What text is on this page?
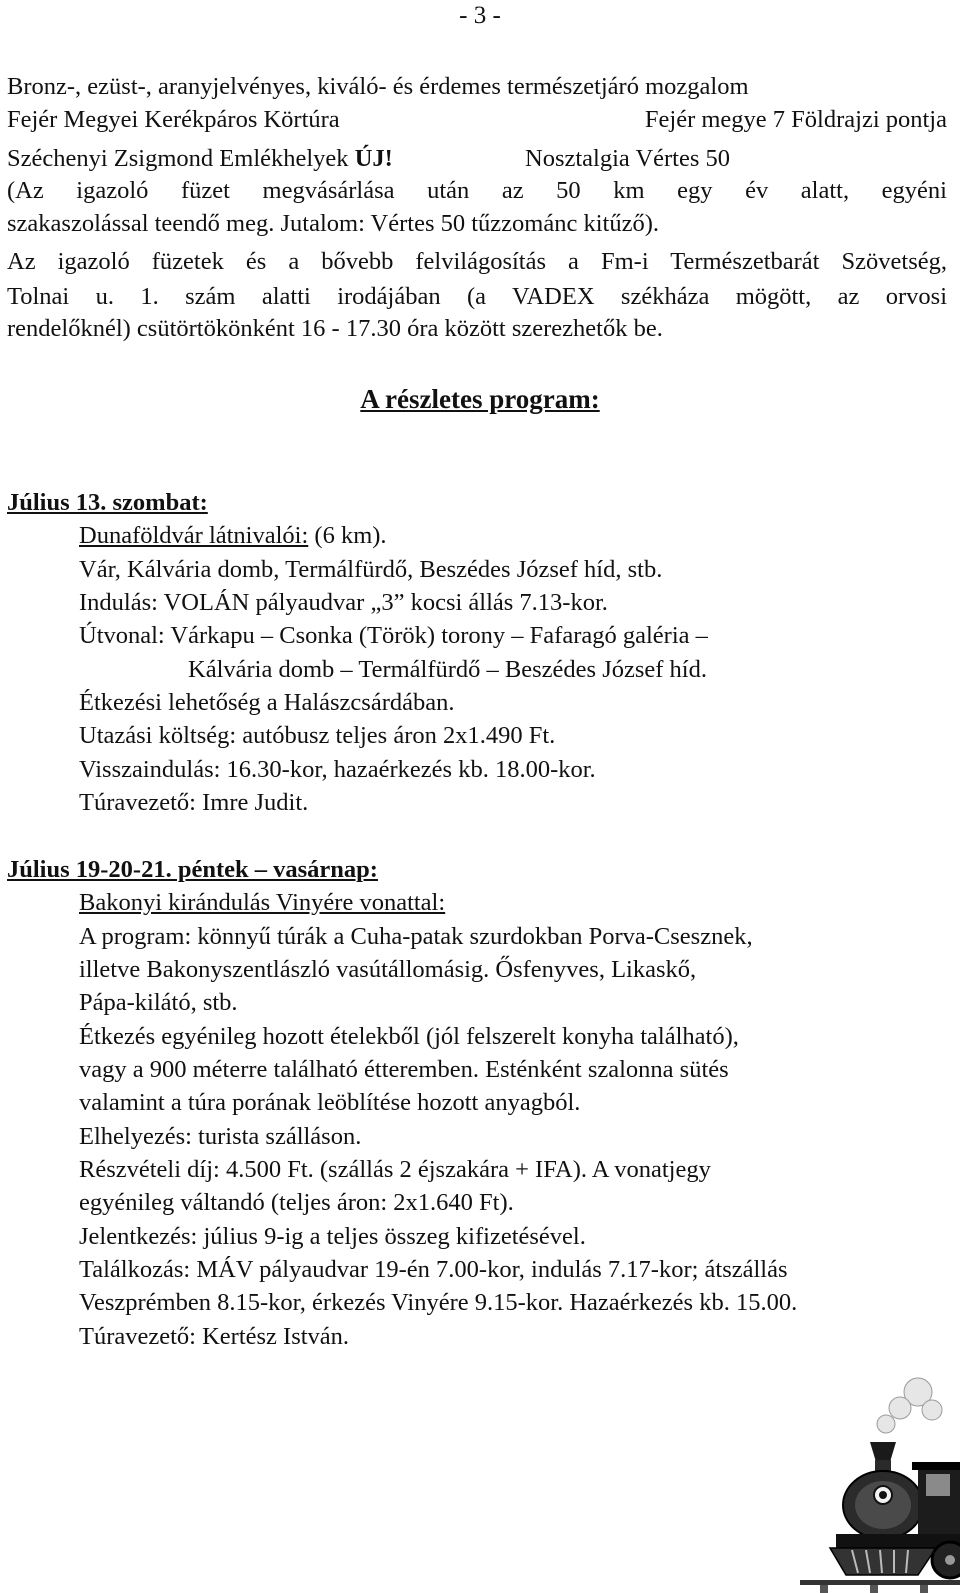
- 3 -
Bronz-, ezüst-, aranyjelvényes, kiváló- és érdemes természetjáró mozgalom
Fejér Megyei Kerékpáros Körtúra	Fejér megye 7 Földrajzi pontja
Széchenyi Zsigmond Emlékhelyek ÚJ!	Nosztalgia Vértes 50
(Az igazoló füzet megvásárlása után az 50 km egy év alatt, egyéni
szakaszolással teendő meg. Jutalom: Vértes 50 tűzzománc kitűző).
Az igazoló füzetek és a bővebb felvilágosítás a Fm-i Természetbarát Szövetség,
Tolnai u. 1. szám alatti irodájában (a VADEX székháza mögött, az orvosi
rendelőknél) csütörtökönként 16 - 17.30 óra között szerezhetők be.
A részletes program:
Július 13. szombat:
Dunaföldvár látnivalói: (6 km).
Vár, Kálvária domb, Termálfürdő, Beszédes József híd, stb.
Indulás: VOLÁN pályaudvar „3” kocsi állás 7.13-kor.
Útvonal: Várkapu – Csonka (Török) torony – Fafaragó galéria –
Kálvária domb – Termálfürdő – Beszédes József híd.
Étkezési lehetőség a Halászcsárdában.
Utazási költség: autóbusz teljes áron 2x1.490 Ft.
Visszaindulás: 16.30-kor, hazaérkezés kb. 18.00-kor.
Túravezető: Imre Judit.
Július 19-20-21. péntek – vasárnap:
Bakonyi kirándulás Vinyére vonattal:
A program: könnyű túrák a Cuha-patak szurdokban Porva-Csesznek,
illetve Bakonyszentlászló vasútállomásig. Ősfenyves, Likaskő,
Pápa-kilátó, stb.
Étkezés egyénileg hozott ételekből (jól felszerelt konyha található),
vagy a 900 méterre található étteremben. Esténként szalonna sütés
valamint a túra porának leöblítése hozott anyagból.
Elhelyezés: turista szálláson.
Részvételi díj: 4.500 Ft. (szállás 2 éjszakára + IFA). A vonatjegy
egyénileg váltandó (teljes áron: 2x1.640 Ft).
Jelentkezés: július 9-ig a teljes összeg kifizetésével.
Találkozás: MÁV pályaudvar 19-én 7.00-kor, indulás 7.17-kor; átszállás
Veszprémben 8.15-kor, érkezés Vinyére 9.15-kor. Hazaérkezés kb. 15.00.
Túravezető: Kertész István.
